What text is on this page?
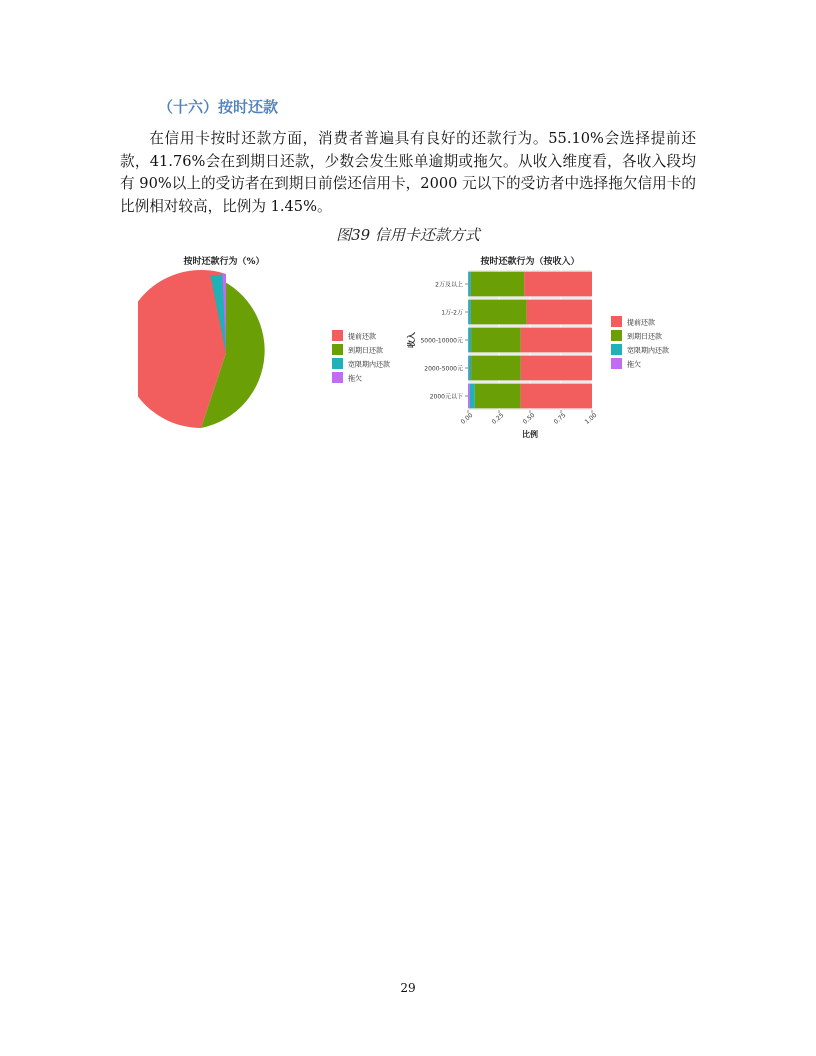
（十六）按时还款

在信用卡按时还款方面，消费者普遍具有良好的还款行为。55.10%会选择提前还款，41.76%会在到期日还款，少数会发生账单逾期或拖欠。从收入维度看，各收入段均有 90%以上的受访者在到期日前偿还信用卡，2000 元以下的受访者中选择拖欠信用卡的比例相对较高，比例为 1.45%。

图39 信用卡还款方式
按时还款行为（%）
提前还款
到期日还款
宽限期内还款
拖欠
按时还款行为（按收入）
2万及以上
1万-2万
5000-10000元
2000-5000元
2000元以下
0.00	0.25	0.50	0.75	1.00
比例
收入
提前还款
到期日还款
宽限期内还款
拖欠
29
